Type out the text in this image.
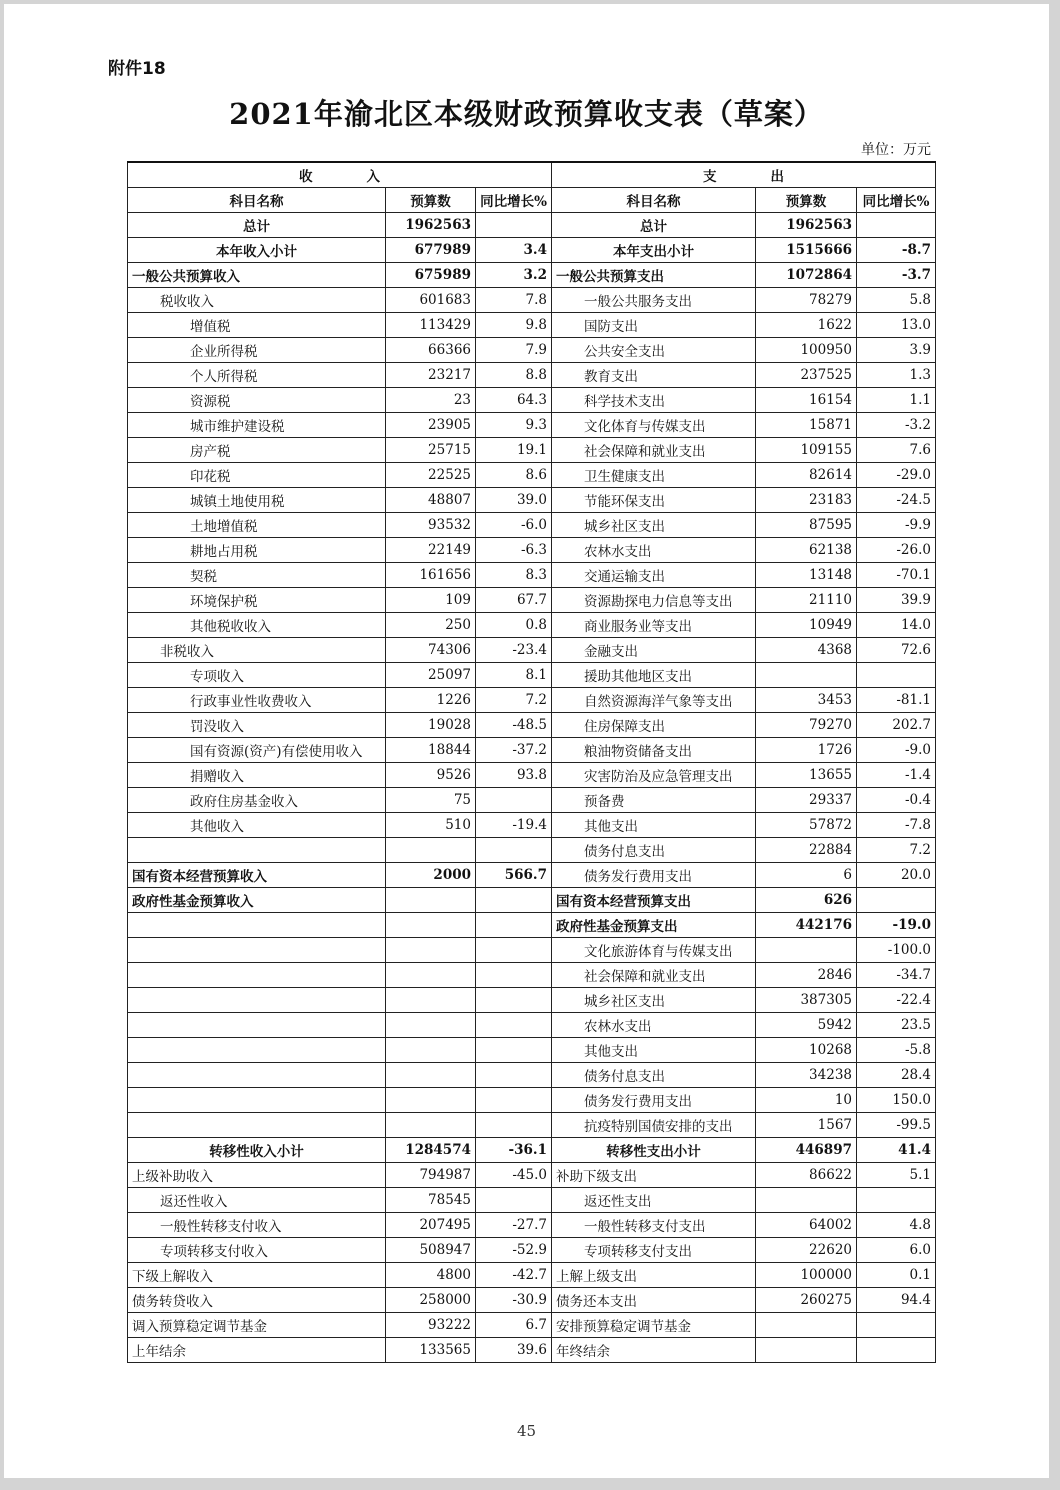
附件18
2021年渝北区本级财政预算收支表（草案）
单位：万元
收　　　　入			支　　　　出		
科目名称	预算数	同比增长%	科目名称	预算数	同比增长%
总计	1962563		总计	1962563	
本年收入小计	677989	3.4	本年支出小计	1515666	-8.7
一般公共预算收入	675989	3.2	一般公共预算支出	1072864	-3.7
税收收入	601683	7.8	一般公共服务支出	78279	5.8
增值税	113429	9.8	国防支出	1622	13.0
企业所得税	66366	7.9	公共安全支出	100950	3.9
个人所得税	23217	8.8	教育支出	237525	1.3
资源税	23	64.3	科学技术支出	16154	1.1
城市维护建设税	23905	9.3	文化体育与传媒支出	15871	-3.2
房产税	25715	19.1	社会保障和就业支出	109155	7.6
印花税	22525	8.6	卫生健康支出	82614	-29.0
城镇土地使用税	48807	39.0	节能环保支出	23183	-24.5
土地增值税	93532	-6.0	城乡社区支出	87595	-9.9
耕地占用税	22149	-6.3	农林水支出	62138	-26.0
契税	161656	8.3	交通运输支出	13148	-70.1
环境保护税	109	67.7	资源勘探电力信息等支出	21110	39.9
其他税收收入	250	0.8	商业服务业等支出	10949	14.0
非税收入	74306	-23.4	金融支出	4368	72.6
专项收入	25097	8.1	援助其他地区支出		
行政事业性收费收入	1226	7.2	自然资源海洋气象等支出	3453	-81.1
罚没收入	19028	-48.5	住房保障支出	79270	202.7
国有资源(资产)有偿使用收入	18844	-37.2	粮油物资储备支出	1726	-9.0
捐赠收入	9526	93.8	灾害防治及应急管理支出	13655	-1.4
政府住房基金收入	75		预备费	29337	-0.4
其他收入	510	-19.4	其他支出	57872	-7.8
			债务付息支出	22884	7.2
国有资本经营预算收入	2000	566.7	债务发行费用支出	6	20.0
政府性基金预算收入			国有资本经营预算支出	626	
			政府性基金预算支出	442176	-19.0
			文化旅游体育与传媒支出		-100.0
			社会保障和就业支出	2846	-34.7
			城乡社区支出	387305	-22.4
			农林水支出	5942	23.5
			其他支出	10268	-5.8
			债务付息支出	34238	28.4
			债务发行费用支出	10	150.0
			抗疫特别国债安排的支出	1567	-99.5
转移性收入小计	1284574	-36.1	转移性支出小计	446897	41.4
上级补助收入	794987	-45.0	补助下级支出	86622	5.1
返还性收入	78545		返还性支出		
一般性转移支付收入	207495	-27.7	一般性转移支付支出	64002	4.8
专项转移支付收入	508947	-52.9	专项转移支付支出	22620	6.0
下级上解收入	4800	-42.7	上解上级支出	100000	0.1
债务转贷收入	258000	-30.9	债务还本支出	260275	94.4
调入预算稳定调节基金	93222	6.7	安排预算稳定调节基金		
上年结余	133565	39.6	年终结余		
45
